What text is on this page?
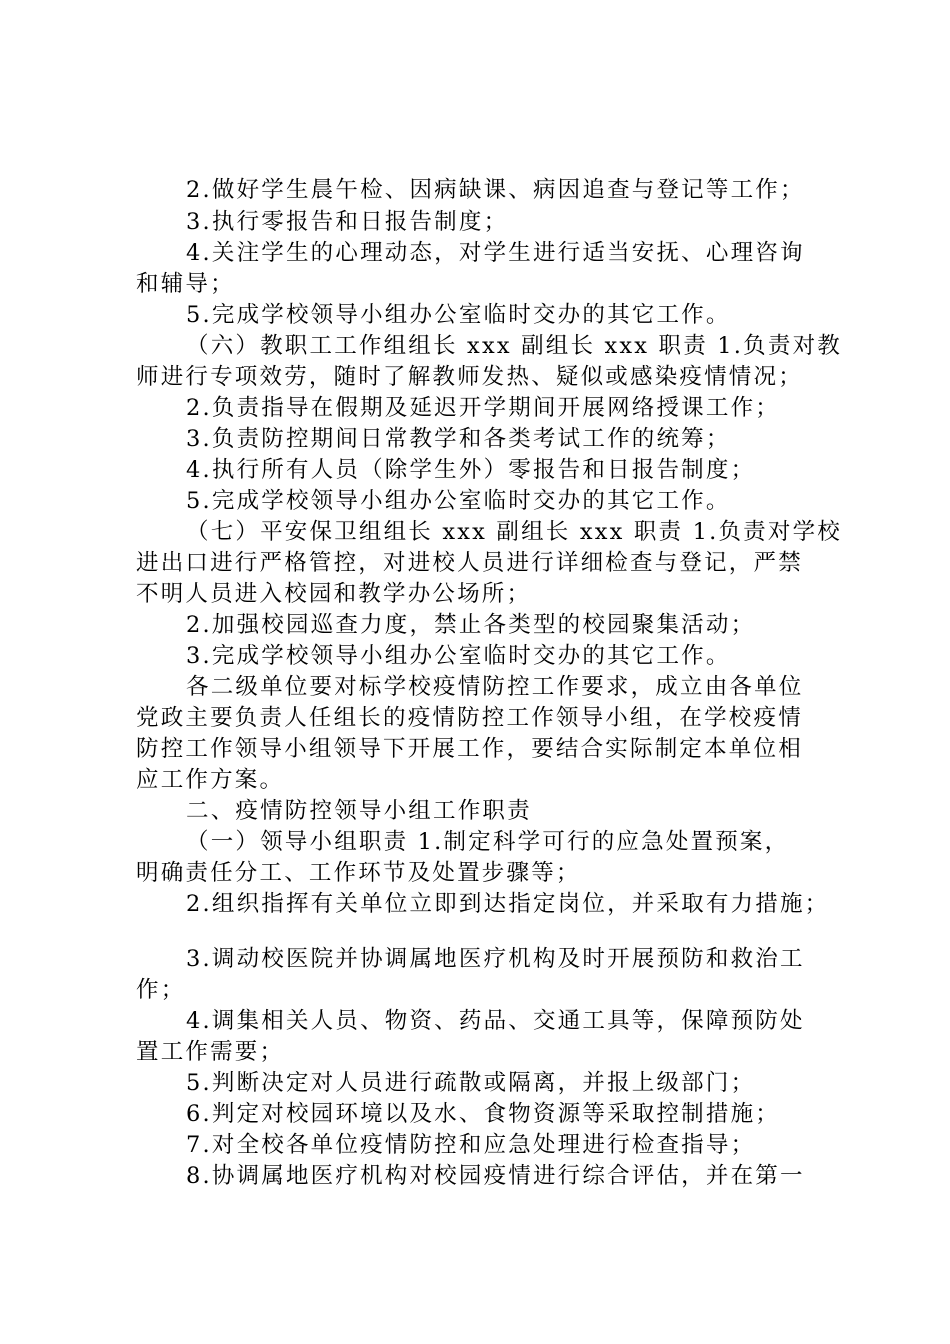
2.做好学生晨午检、因病缺课、病因追查与登记等工作；
3.执行零报告和日报告制度；
4.关注学生的心理动态，对学生进行适当安抚、心理咨询
和辅导；
5.完成学校领导小组办公室临时交办的其它工作。
（六）教职工工作组组长 xxx 副组长 xxx 职责 1.负责对教
师进行专项效劳，随时了解教师发热、疑似或感染疫情情况；
2.负责指导在假期及延迟开学期间开展网络授课工作；
3.负责防控期间日常教学和各类考试工作的统筹；
4.执行所有人员（除学生外）零报告和日报告制度；
5.完成学校领导小组办公室临时交办的其它工作。
（七）平安保卫组组长 xxx 副组长 xxx 职责 1.负责对学校
进出口进行严格管控，对进校人员进行详细检查与登记，严禁
不明人员进入校园和教学办公场所；
2.加强校园巡查力度，禁止各类型的校园聚集活动；
3.完成学校领导小组办公室临时交办的其它工作。
各二级单位要对标学校疫情防控工作要求，成立由各单位
党政主要负责人任组长的疫情防控工作领导小组，在学校疫情
防控工作领导小组领导下开展工作，要结合实际制定本单位相
应工作方案。
二、疫情防控领导小组工作职责
（一）领导小组职责 1.制定科学可行的应急处置预案，
明确责任分工、工作环节及处置步骤等；
2.组织指挥有关单位立即到达指定岗位，并采取有力措施；
3.调动校医院并协调属地医疗机构及时开展预防和救治工
作；
4.调集相关人员、物资、药品、交通工具等，保障预防处
置工作需要；
5.判断决定对人员进行疏散或隔离，并报上级部门；
6.判定对校园环境以及水、食物资源等采取控制措施；
7.对全校各单位疫情防控和应急处理进行检查指导；
8.协调属地医疗机构对校园疫情进行综合评估，并在第一
